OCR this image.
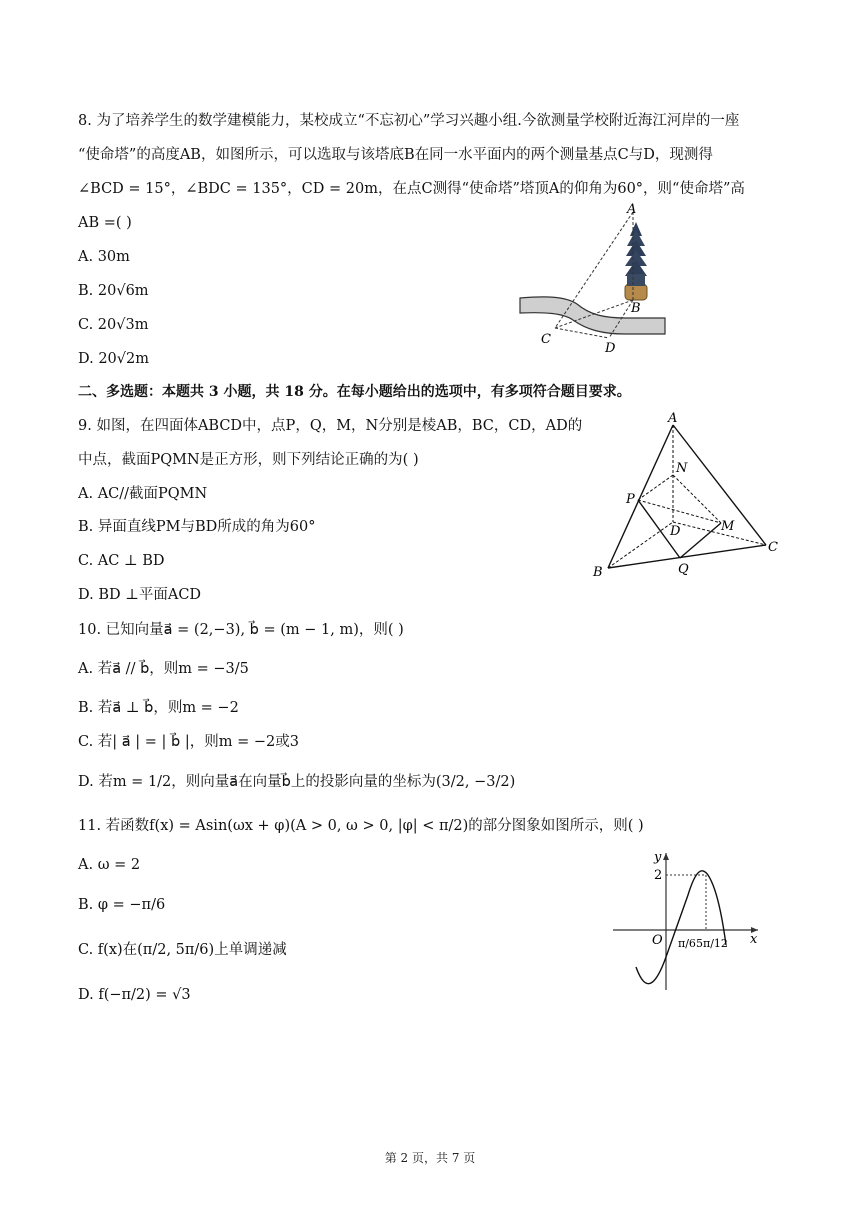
8. 为了培养学生的数学建模能力，某校成立“不忘初心”学习兴趣小组.今欲测量学校附近海江河岸的一座
“使命塔”的高度AB，如图所示，可以选取与该塔底B在同一水平面内的两个测量基点C与D，现测得
∠BCD = 15°，∠BDC = 135°，CD = 20m，在点C测得“使命塔”塔顶A的仰角为60°，则“使命塔”高
AB =( )
A. 30m
B. 20√6m
C. 20√3m
D. 20√2m
A
B
C
D
二、多选题：本题共 3 小题，共 18 分。在每小题给出的选项中，有多项符合题目要求。
9. 如图，在四面体ABCD中，点P，Q，M，N分别是棱AB，BC，CD，AD的
中点，截面PQMN是正方形，则下列结论正确的为( )
A. AC//截面PQMN
B. 异面直线PM与BD所成的角为60°
C. AC ⊥ BD
D. BD ⊥平面ACD
A
N
P
D	M
C
B	Q
10. 已知向量a⃗ = (2,−3), b⃗ = (m − 1, m)，则( )
A. 若a⃗ // b⃗，则m = −3/5
B. 若a⃗ ⊥ b⃗，则m = −2
C. 若| a⃗ | = | b⃗ |，则m = −2或3
D. 若m = 1/2，则向量a⃗在向量b⃗上的投影向量的坐标为(3/2, −3/2)
11. 若函数f(x) = Asin(ωx + φ)(A > 0, ω > 0, |φ| < π/2)的部分图象如图所示，则( )
A. ω = 2
B. φ = −π/6
C. f(x)在(π/2, 5π/6)上单调递减
D. f(−π/2) = √3
y
2
O π/6 5π/12 x
第 2 页，共 7 页
